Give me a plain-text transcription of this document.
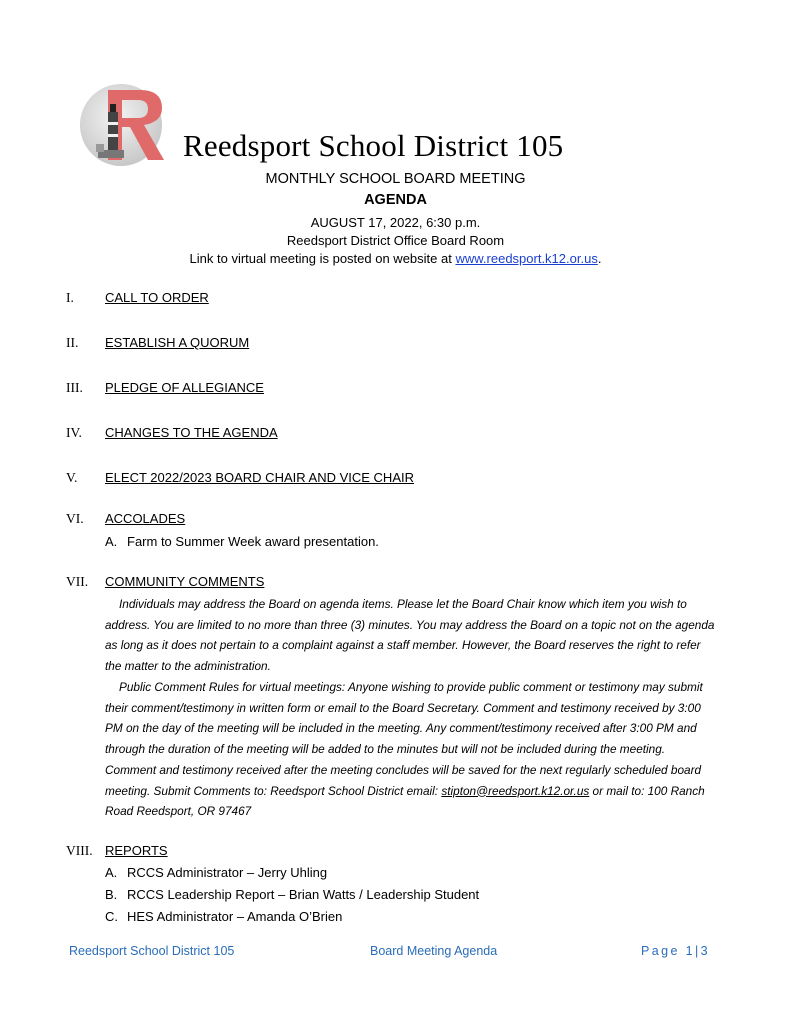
Reedsport School District 105
MONTHLY SCHOOL BOARD MEETING
AGENDA
AUGUST 17, 2022, 6:30 p.m.
Reedsport District Office Board Room
Link to virtual meeting is posted on website at www.reedsport.k12.or.us.
I. CALL TO ORDER
II. ESTABLISH A QUORUM
III. PLEDGE OF ALLEGIANCE
IV. CHANGES TO THE AGENDA
V. ELECT 2022/2023 BOARD CHAIR AND VICE CHAIR
VI. ACCOLADES
A. Farm to Summer Week award presentation.
VII. COMMUNITY COMMENTS
Individuals may address the Board on agenda items. Please let the Board Chair know which item you wish to address. You are limited to no more than three (3) minutes. You may address the Board on a topic not on the agenda as long as it does not pertain to a complaint against a staff member. However, the Board reserves the right to refer the matter to the administration.
Public Comment Rules for virtual meetings: Anyone wishing to provide public comment or testimony may submit their comment/testimony in written form or email to the Board Secretary. Comment and testimony received by 3:00 PM on the day of the meeting will be included in the meeting. Any comment/testimony received after 3:00 PM and through the duration of the meeting will be added to the minutes but will not be included during the meeting. Comment and testimony received after the meeting concludes will be saved for the next regularly scheduled board meeting. Submit Comments to: Reedsport School District email: stipton@reedsport.k12.or.us or mail to: 100 Ranch Road Reedsport, OR 97467
VIII. REPORTS
A. RCCS Administrator – Jerry Uhling
B. RCCS Leadership Report – Brian Watts / Leadership Student
C. HES Administrator – Amanda O’Brien
Reedsport School District 105	Board Meeting Agenda	Page 1|3
